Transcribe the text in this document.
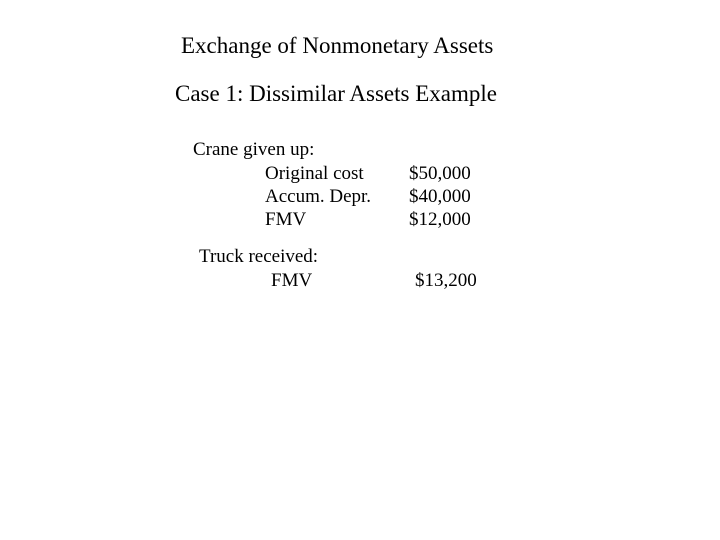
Exchange of Nonmonetary Assets
Case 1: Dissimilar Assets Example
Crane given up:
Original cost $50,000
Accum. Depr. $40,000
FMV	$12,000
Truck received:
FMV	$13,200
